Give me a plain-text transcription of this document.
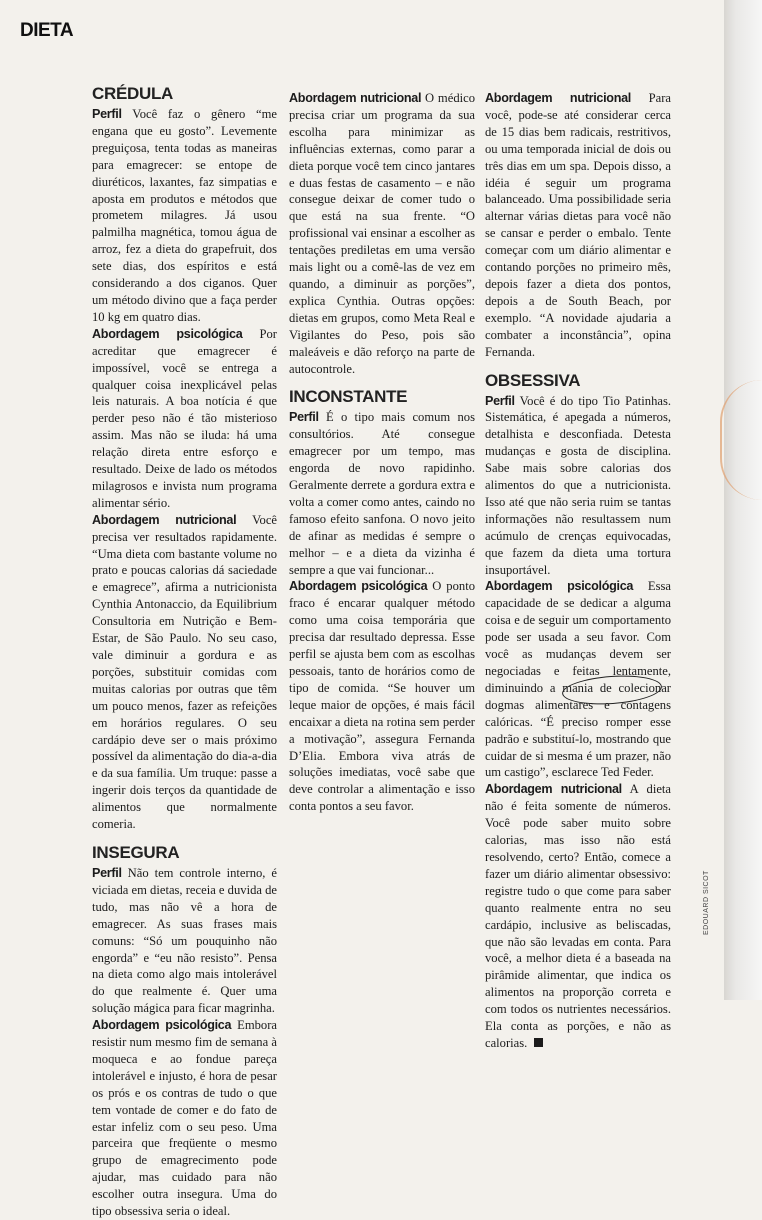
DIETA
CRÉDULA

Perfil Você faz o gênero “me engana que eu gosto”. Levemente preguiçosa, tenta todas as maneiras para emagrecer: se entope de diuréticos, laxantes, faz simpatias e aposta em produtos e métodos que prometem milagres. Já usou palmilha magnética, tomou água de arroz, fez a dieta do grapefruit, dos sete dias, dos espíritos e está considerando a dos ciganos. Quer um método divino que a faça perder 10 kg em quatro dias.

Abordagem psicológica Por acreditar que emagrecer é impossível, você se entrega a qualquer coisa inexplicável pelas leis naturais. A boa notícia é que perder peso não é tão misterioso assim. Mas não se iluda: há uma relação direta entre esforço e resultado. Deixe de lado os métodos milagrosos e invista num programa alimentar sério.

Abordagem nutricional Você precisa ver resultados rapidamente. “Uma dieta com bastante volume no prato e poucas calorias dá saciedade e emagrece”, afirma a nutricionista Cynthia Antonaccio, da Equilibrium Consultoria em Nutrição e Bem-Estar, de São Paulo. No seu caso, vale diminuir a gordura e as porções, substituir comidas com muitas calorias por outras que têm um pouco menos, fazer as refeições em horários regulares. O seu cardápio deve ser o mais próximo possível da alimentação do dia-a-dia e da sua família. Um truque: passe a ingerir dois terços da quantidade de alimentos que normalmente comeria.

INSEGURA

Perfil Não tem controle interno, é viciada em dietas, receia e duvida de tudo, mas não vê a hora de emagrecer. As suas frases mais comuns: “Só um pouquinho não engorda” e “eu não resisto”. Pensa na dieta como algo mais intolerável do que realmente é. Quer uma solução mágica para ficar magrinha.

Abordagem psicológica Embora resistir num mesmo fim de semana à moqueca e ao fondue pareça intolerável e injusto, é hora de pesar os prós e os contras de tudo o que tem vontade de comer e do fato de estar infeliz com o seu peso. Uma parceira que freqüente o mesmo grupo de emagrecimento pode ajudar, mas cuidado para não escolher outra insegura. Uma do tipo obsessiva seria o ideal.

Abordagem nutricional O médico precisa criar um programa da sua escolha para minimizar as influências externas, como parar a dieta porque você tem cinco jantares e duas festas de casamento – e não consegue deixar de comer tudo o que está na sua frente. “O profissional vai ensinar a escolher as tentações prediletas em uma versão mais light ou a comê-las de vez em quando, a diminuir as porções”, explica Cynthia. Outras opções: dietas em grupos, como Meta Real e Vigilantes do Peso, pois são maleáveis e dão reforço na parte de autocontrole.

INCONSTANTE

Perfil É o tipo mais comum nos consultórios. Até consegue emagrecer por um tempo, mas engorda de novo rapidinho. Geralmente derrete a gordura extra e volta a comer como antes, caindo no famoso efeito sanfona. O novo jeito de afinar as medidas é sempre o melhor – e a dieta da vizinha é sempre a que vai funcionar...

Abordagem psicológica O ponto fraco é encarar qualquer método como uma coisa temporária que precisa dar resultado depressa. Esse perfil se ajusta bem com as escolhas pessoais, tanto de horários como de tipo de comida. “Se houver um leque maior de opções, é mais fácil encaixar a dieta na rotina sem perder a motivação”, assegura Fernanda D’Elia. Embora viva atrás de soluções imediatas, você sabe que deve controlar a alimentação e isso conta pontos a seu favor.

Abordagem nutricional Para você, pode-se até considerar cerca de 15 dias bem radicais, restritivos, ou uma temporada inicial de dois ou três dias em um spa. Depois disso, a idéia é seguir um programa balanceado. Uma possibilidade seria alternar várias dietas para você não se cansar e perder o embalo. Tente começar com um diário alimentar e contando porções no primeiro mês, depois fazer a dieta dos pontos, depois a de South Beach, por exemplo. “A novidade ajudaria a combater a inconstância”, opina Fernanda.

OBSESSIVA

Perfil Você é do tipo Tio Patinhas. Sistemática, é apegada a números, detalhista e desconfiada. Detesta mudanças e gosta de disciplina. Sabe mais sobre calorias dos alimentos do que a nutricionista. Isso até que não seria ruim se tantas informações não resultassem num acúmulo de crenças equivocadas, que fazem da dieta uma tortura insuportável.

Abordagem psicológica Essa capacidade de se dedicar a alguma coisa e de seguir um comportamento pode ser usada a seu favor. Com você as mudanças devem ser negociadas e feitas lentamente, diminuindo a mania de colecionar dogmas alimentares e contagens calóricas. “É preciso romper esse padrão e substituí-lo, mostrando que cuidar de si mesma é um prazer, não um castigo”, esclarece Ted Feder.

Abordagem nutricional A dieta não é feita somente de números. Você pode saber muito sobre calorias, mas isso não está resolvendo, certo? Então, comece a fazer um diário alimentar obsessivo: registre tudo o que come para saber quanto realmente entra no seu cardápio, inclusive as beliscadas, que não são levadas em conta. Para você, a melhor dieta é a baseada na pirâmide alimentar, que indica os alimentos na proporção correta e com todos os nutrientes necessários. Ela conta as porções, e não as calorias.

EDOUARD SICOT
